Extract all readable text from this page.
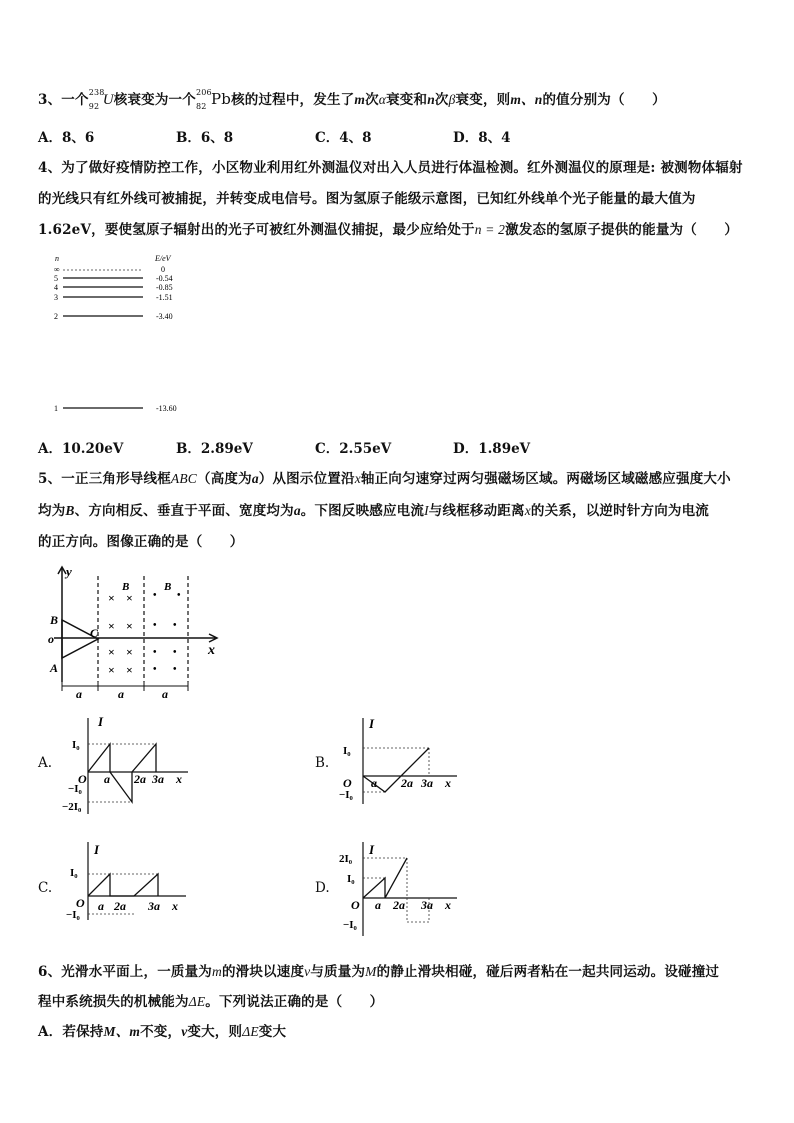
3、一个 238
92 U核衰变为一个 206
82 Pb核的过程中，发生了m次α衰变和n次β衰变，则m、n的值分别为（　　）
A．8、6	B．6、8	C．4、8	D．8、4
4、为了做好疫情防控工作，小区物业利用红外测温仪对出入人员进行体温检测。红外测温仪的原理是: 被测物体辐射
的光线只有红外线可被捕捉，并转变成电信号。图为氢原子能级示意图，已知红外线单个光子能量的最大值为
1.62eV，要使氢原子辐射出的光子可被红外测温仪捕捉，最少应给处于n = 2激发态的氢原子提供的能量为（　　）
n	E/eV
∞	0
5	-0.54
4	-0.85
3	-1.51
2	-3.40
1	-13.60
A．10.20eV	B．2.89eV	C．2.55eV	D．1.89eV
5、一正三角形导线框ABC（高度为a）从图示位置沿x轴正向匀速穿过两匀强磁场区域。两磁场区域磁感应强度大小
均为B、方向相反、垂直于平面、宽度均为a。下图反映感应电流I与线框移动距离x的关系，以逆时针方向为电流
的正方向。图像正确的是（　　）
y
x
o
B
A
C
B	B
× ×
× ×
× ×
× ×
• •
• •
• •
• •
a	a	a
A.
I
O
I₀
−I₀
−2I₀
a 2a 3a x
B.
I
O
I₀
−I₀
a 2a 3a x
C.
I
O
I₀
−I₀
a 2a 3a x
D.
I
2I₀
I₀
O
−I₀
a 2a 3a x
6、光滑水平面上，一质量为m的滑块以速度v与质量为M的静止滑块相碰，碰后两者粘在一起共同运动。设碰撞过
程中系统损失的机械能为ΔE。下列说法正确的是（　　）
A．若保持M、m不变，v变大，则ΔE变大
